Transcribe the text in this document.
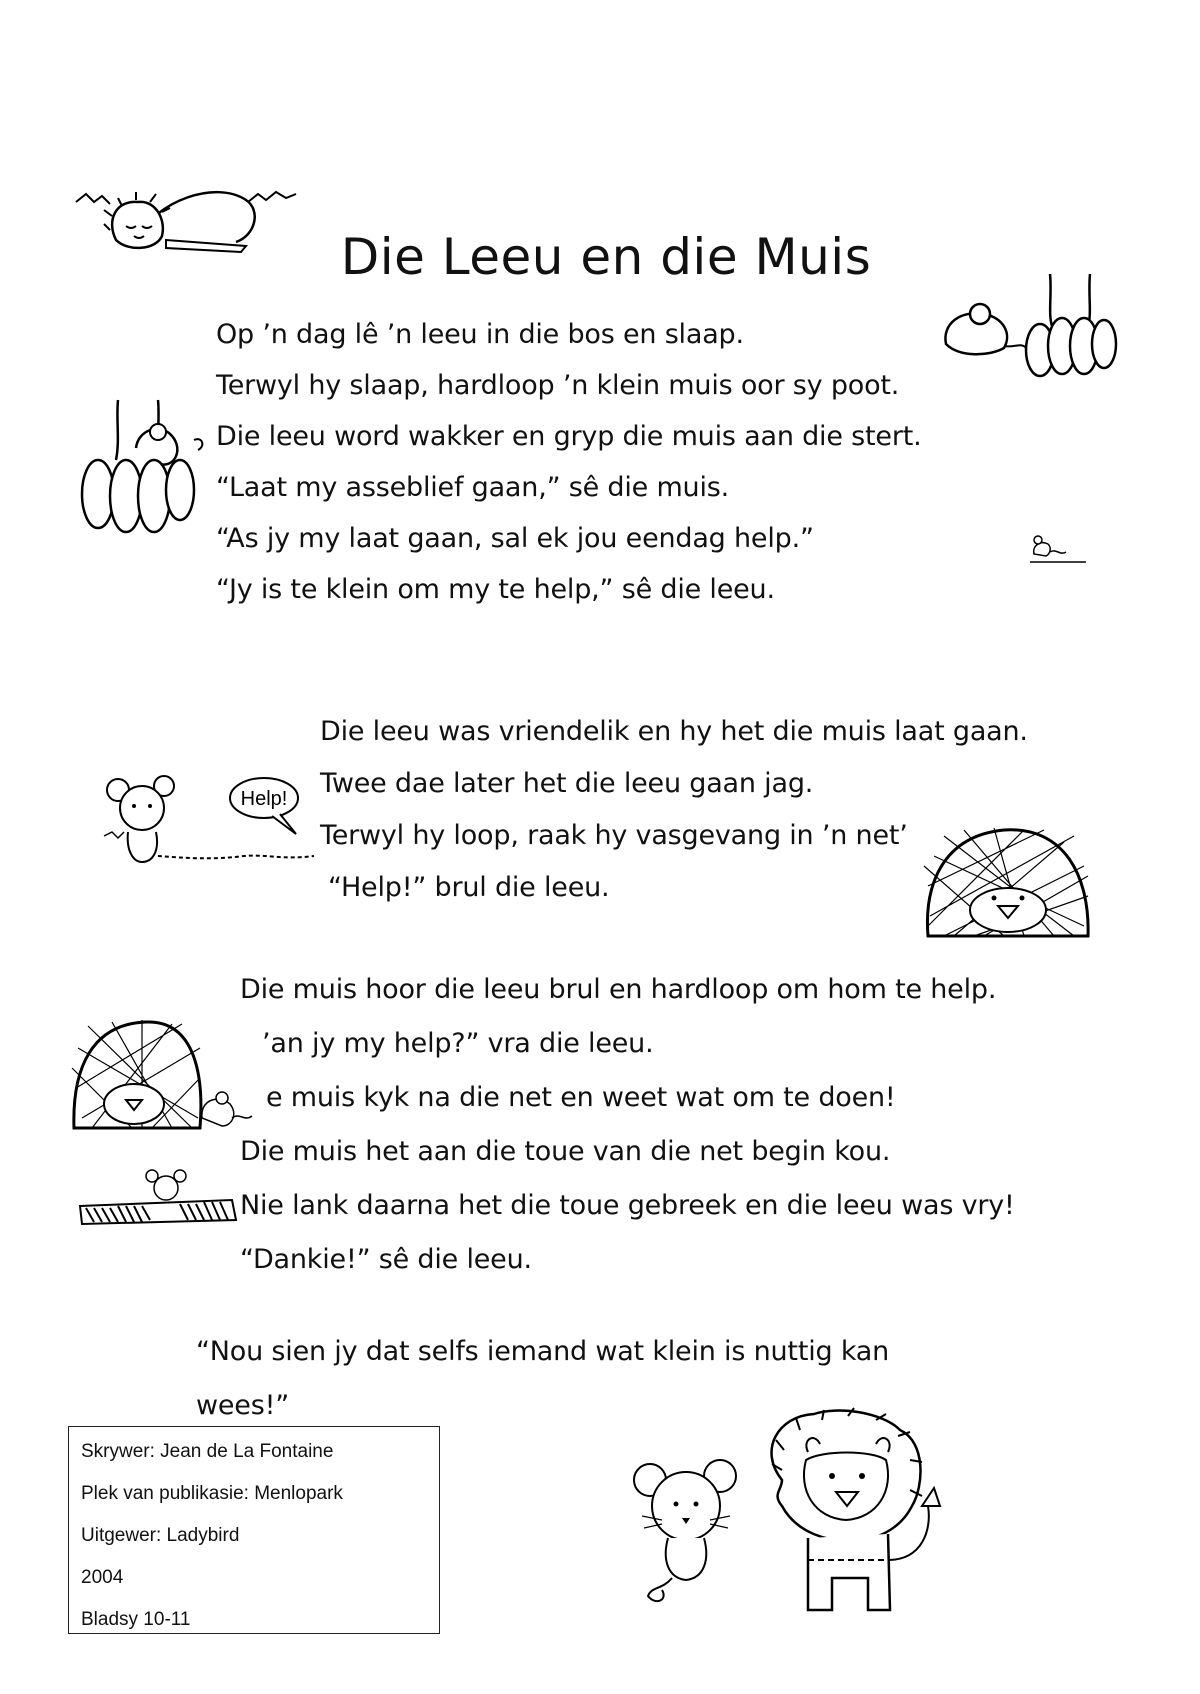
Die Leeu en die Muis
Op ’n dag lê ’n leeu in die bos en slaap.
Terwyl hy slaap, hardloop ’n klein muis oor sy poot.
Die leeu word wakker en gryp die muis aan die stert.
“Laat my asseblief gaan,” sê die muis.
“As jy my laat gaan, sal ek jou eendag help.”
“Jy is te klein om my te help,” sê die leeu.
Die leeu was vriendelik en hy het die muis laat gaan.
Twee dae later het die leeu gaan jag.
Terwyl hy loop, raak hy vasgevang in ’n net’
“Help!” brul die leeu.
Die muis hoor die leeu brul en hardloop om hom te help.
’an jy my help?” vra die leeu.
e muis kyk na die net en weet wat om te doen!
Die muis het aan die toue van die net begin kou.
Nie lank daarna het die toue gebreek en die leeu was vry!
“Dankie!” sê die leeu.
“Nou sien jy dat selfs iemand wat klein is nuttig kan
wees!”
Skrywer: Jean de La Fontaine
Plek van publikasie: Menlopark
Uitgewer: Ladybird
2004
Bladsy 10-11
Help!
